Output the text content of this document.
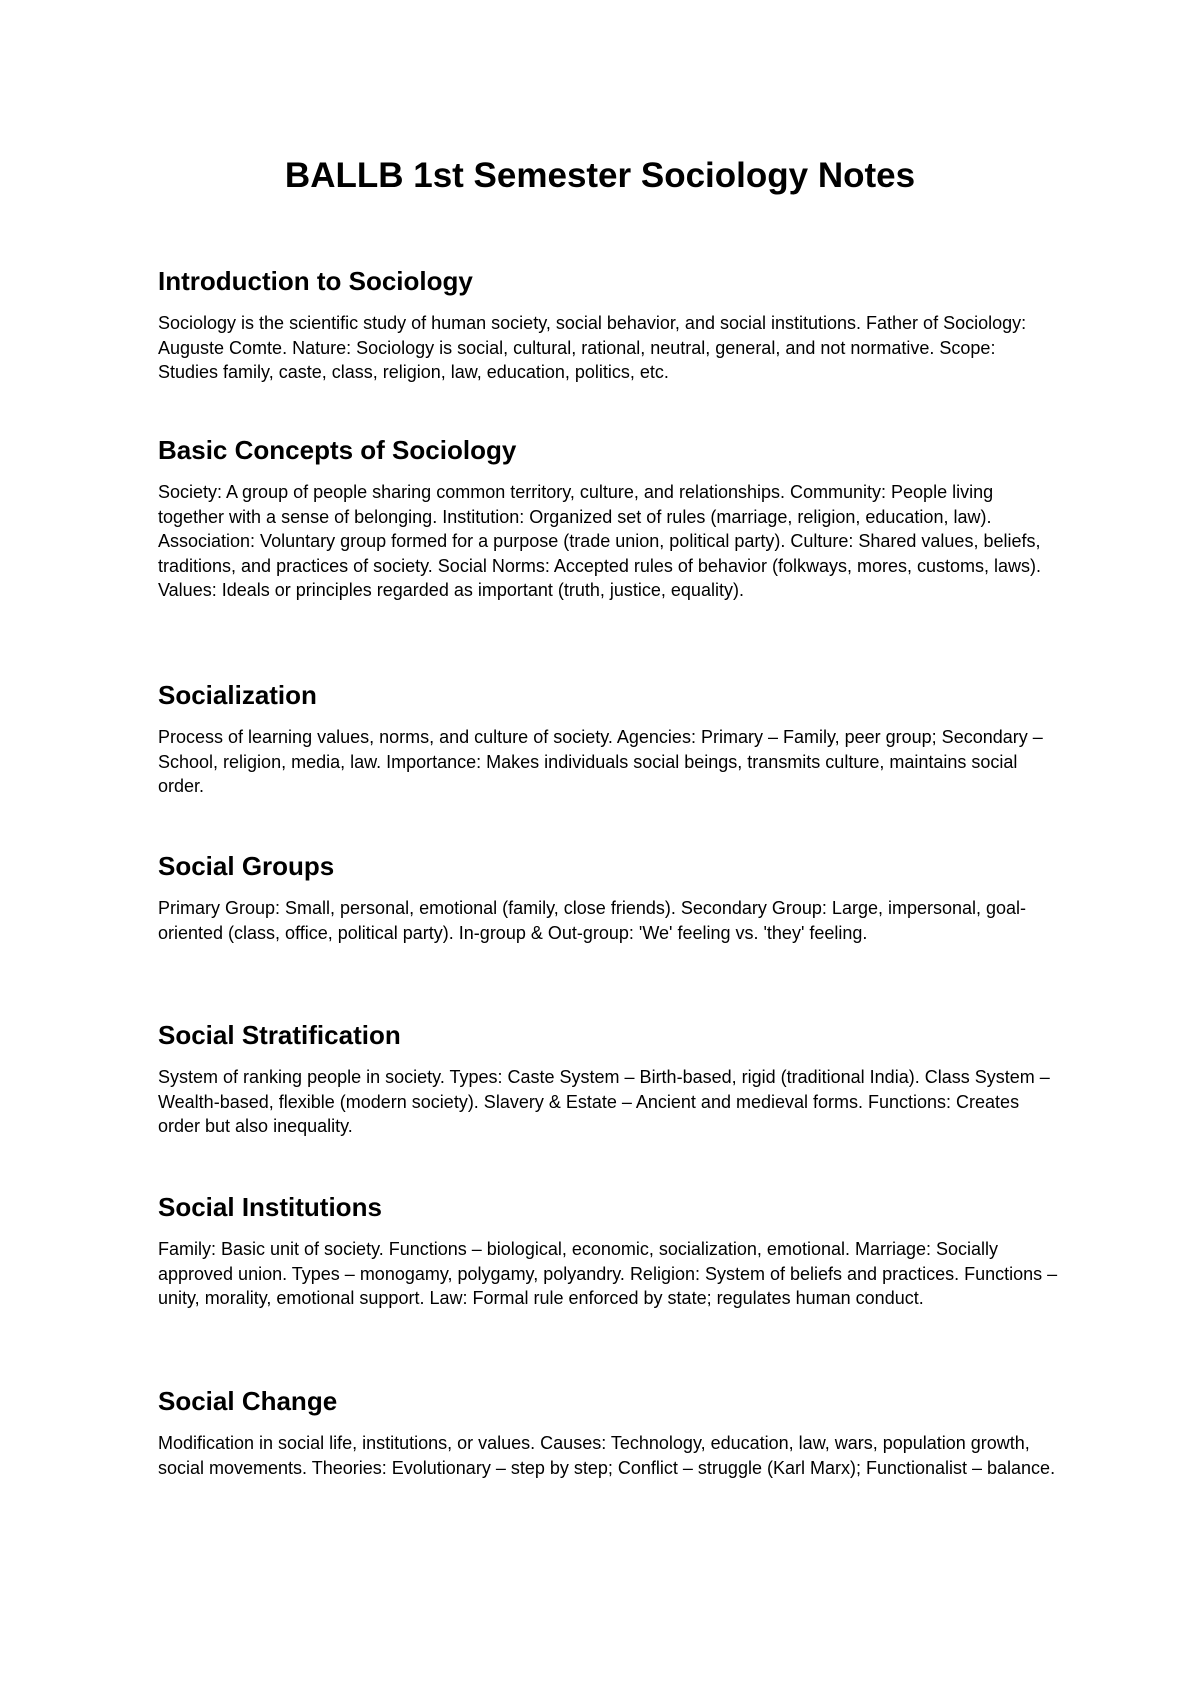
BALLB 1st Semester Sociology Notes
Introduction to Sociology

Sociology is the scientific study of human society, social behavior, and social institutions. Father of Sociology: Auguste Comte. Nature: Sociology is social, cultural, rational, neutral, general, and not normative. Scope: Studies family, caste, class, religion, law, education, politics, etc.

Basic Concepts of Sociology

Society: A group of people sharing common territory, culture, and relationships. Community: People living together with a sense of belonging. Institution: Organized set of rules (marriage, religion, education, law). Association: Voluntary group formed for a purpose (trade union, political party). Culture: Shared values, beliefs, traditions, and practices of society. Social Norms: Accepted rules of behavior (folkways, mores, customs, laws). Values: Ideals or principles regarded as important (truth, justice, equality).

Socialization

Process of learning values, norms, and culture of society. Agencies: Primary – Family, peer group; Secondary – School, religion, media, law. Importance: Makes individuals social beings, transmits culture, maintains social order.

Social Groups

Primary Group: Small, personal, emotional (family, close friends). Secondary Group: Large, impersonal, goal-oriented (class, office, political party). In-group & Out-group: 'We' feeling vs. 'they' feeling.

Social Stratification

System of ranking people in society. Types: Caste System – Birth-based, rigid (traditional India). Class System – Wealth-based, flexible (modern society). Slavery & Estate – Ancient and medieval forms. Functions: Creates order but also inequality.

Social Institutions

Family: Basic unit of society. Functions – biological, economic, socialization, emotional. Marriage: Socially approved union. Types – monogamy, polygamy, polyandry. Religion: System of beliefs and practices. Functions – unity, morality, emotional support. Law: Formal rule enforced by state; regulates human conduct.

Social Change

Modification in social life, institutions, or values. Causes: Technology, education, law, wars, population growth, social movements. Theories: Evolutionary – step by step; Conflict – struggle (Karl Marx); Functionalist – balance.
